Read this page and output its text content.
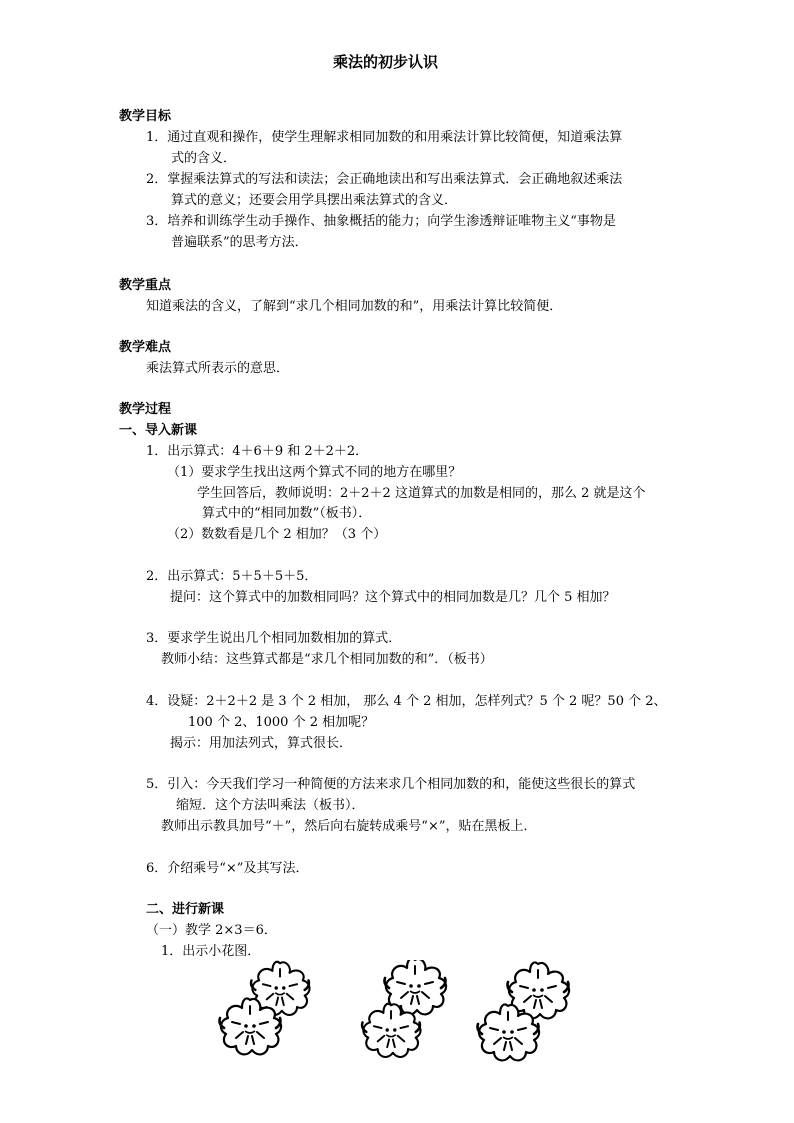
乘法的初步认识
教学目标
1．通过直观和操作，使学生理解求相同加数的和用乘法计算比较简便，知道乘法算
式的含义．
2．掌握乘法算式的写法和读法；会正确地读出和写出乘法算式．会正确地叙述乘法
算式的意义；还要会用学具摆出乘法算式的含义．
3．培养和训练学生动手操作、抽象概括的能力；向学生渗透辩证唯物主义“事物是
普遍联系”的思考方法．
教学重点
知道乘法的含义，了解到“求几个相同加数的和”，用乘法计算比较简便．
教学难点
乘法算式所表示的意思．
教学过程
一、导入新课
1．出示算式：4＋6＋9 和 2＋2＋2．
（1）要求学生找出这两个算式不同的地方在哪里？
学生回答后，教师说明：2＋2＋2 这道算式的加数是相同的，那么 2 就是这个
算式中的“相同加数”（板书）．
（2）数数看是几个 2 相加？（3 个）
2．出示算式：5＋5＋5＋5．
提问：这个算式中的加数相同吗？这个算式中的相同加数是几？几个 5 相加？
3．要求学生说出几个相同加数相加的算式．
教师小结：这些算式都是“求几个相同加数的和”．（板书）
4．设疑：2＋2＋2 是 3 个 2 相加， 那么 4 个 2 相加，怎样列式？5 个 2 呢？50 个 2、
100 个 2、1000 个 2 相加呢？
揭示：用加法列式，算式很长．
5．引入：今天我们学习一种简便的方法来求几个相同加数的和，能使这些很长的算式
缩短．这个方法叫乘法（板书）．
教师出示教具加号“＋”，然后向右旋转成乘号“×”，贴在黑板上．
6．介绍乘号“×”及其写法．
二、进行新课
（一）教学 2×3＝6．
1．出示小花图．
